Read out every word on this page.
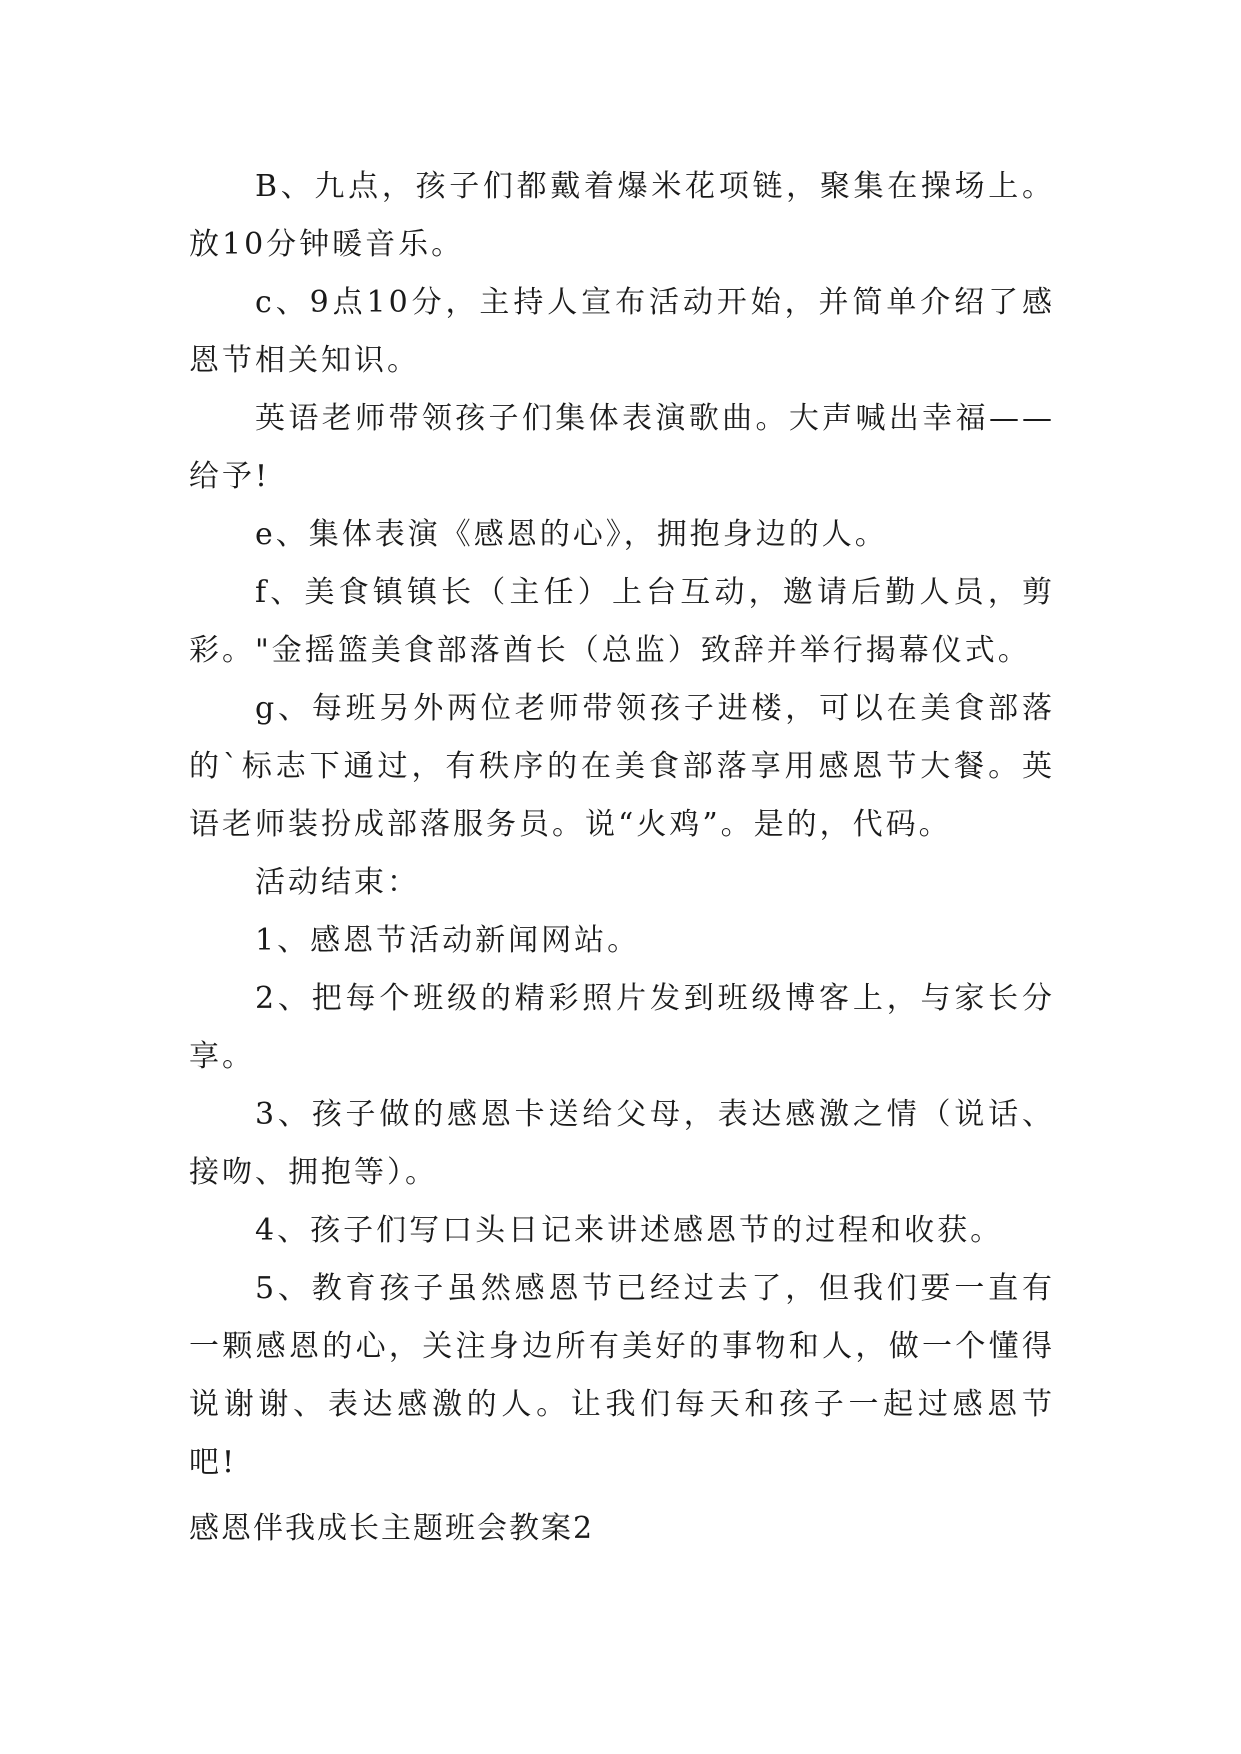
B、九点，孩子们都戴着爆米花项链，聚集在操场上。放10分钟暖音乐。

c、9点10分，主持人宣布活动开始，并简单介绍了感恩节相关知识。

英语老师带领孩子们集体表演歌曲。大声喊出幸福——给予!

e、集体表演《感恩的心》，拥抱身边的人。

f、美食镇镇长（主任）上台互动，邀请后勤人员，剪彩。"金摇篮美食部落酋长（总监）致辞并举行揭幕仪式。

g、每班另外两位老师带领孩子进楼，可以在美食部落的`标志下通过，有秩序的在美食部落享用感恩节大餐。英语老师装扮成部落服务员。说“火鸡”。是的，代码。

活动结束：

1、感恩节活动新闻网站。

2、把每个班级的精彩照片发到班级博客上，与家长分享。

3、孩子做的感恩卡送给父母，表达感激之情（说话、接吻、拥抱等）。

4、孩子们写口头日记来讲述感恩节的过程和收获。

5、教育孩子虽然感恩节已经过去了，但我们要一直有一颗感恩的心，关注身边所有美好的事物和人，做一个懂得说谢谢、表达感激的人。让我们每天和孩子一起过感恩节吧!

感恩伴我成长主题班会教案2
